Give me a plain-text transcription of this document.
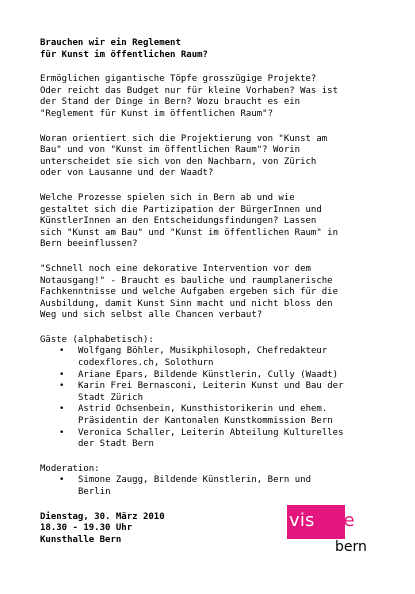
Brauchen wir ein Reglement
für Kunst im öffentlichen Raum?
Ermöglichen gigantische Töpfe grosszügige Projekte?
Oder reicht das Budget nur für kleine Vorhaben? Was ist
der Stand der Dinge in Bern? Wozu braucht es ein
"Reglement für Kunst im öffentlichen Raum"?
Woran orientiert sich die Projektierung von "Kunst am
Bau" und von "Kunst im öffentlichen Raum"? Worin
unterscheidet sie sich von den Nachbarn, von Zürich
oder von Lausanne und der Waadt?
Welche Prozesse spielen sich in Bern ab und wie
gestaltet sich die Partizipation der BürgerInnen und
KünstlerInnen an den Entscheidungsfindungen? Lassen
sich "Kunst am Bau" und "Kunst im öffentlichen Raum" in
Bern beeinflussen?
"Schnell noch eine dekorative Intervention vor dem
Notausgang!" - Braucht es bauliche und raumplanerische
Fachkenntnisse und welche Aufgaben ergeben sich für die
Ausbildung, damit Kunst Sinn macht und nicht bloss den
Weg und sich selbst alle Chancen verbaut?
Gäste (alphabetisch):
• Wolfgang Böhler, Musikphilosoph, Chefredakteur
codexflores.ch, Solothurn
• Ariane Epars, Bildende Künstlerin, Cully (Waadt)
• Karin Frei Bernasconi, Leiterin Kunst und Bau der
Stadt Zürich
• Astrid Ochsenbein, Kunsthistorikerin und ehem.
Präsidentin der Kantonalen Kunstkommission Bern
• Veronica Schaller, Leiterin Abteilung Kulturelles
der Stadt Bern
Moderation:
• Simone Zaugg, Bildende Künstlerin, Bern und
Berlin
Dienstag, 30. März 2010
18.30 - 19.30 Uhr
Kunsthalle Bern
vis arte
bern
